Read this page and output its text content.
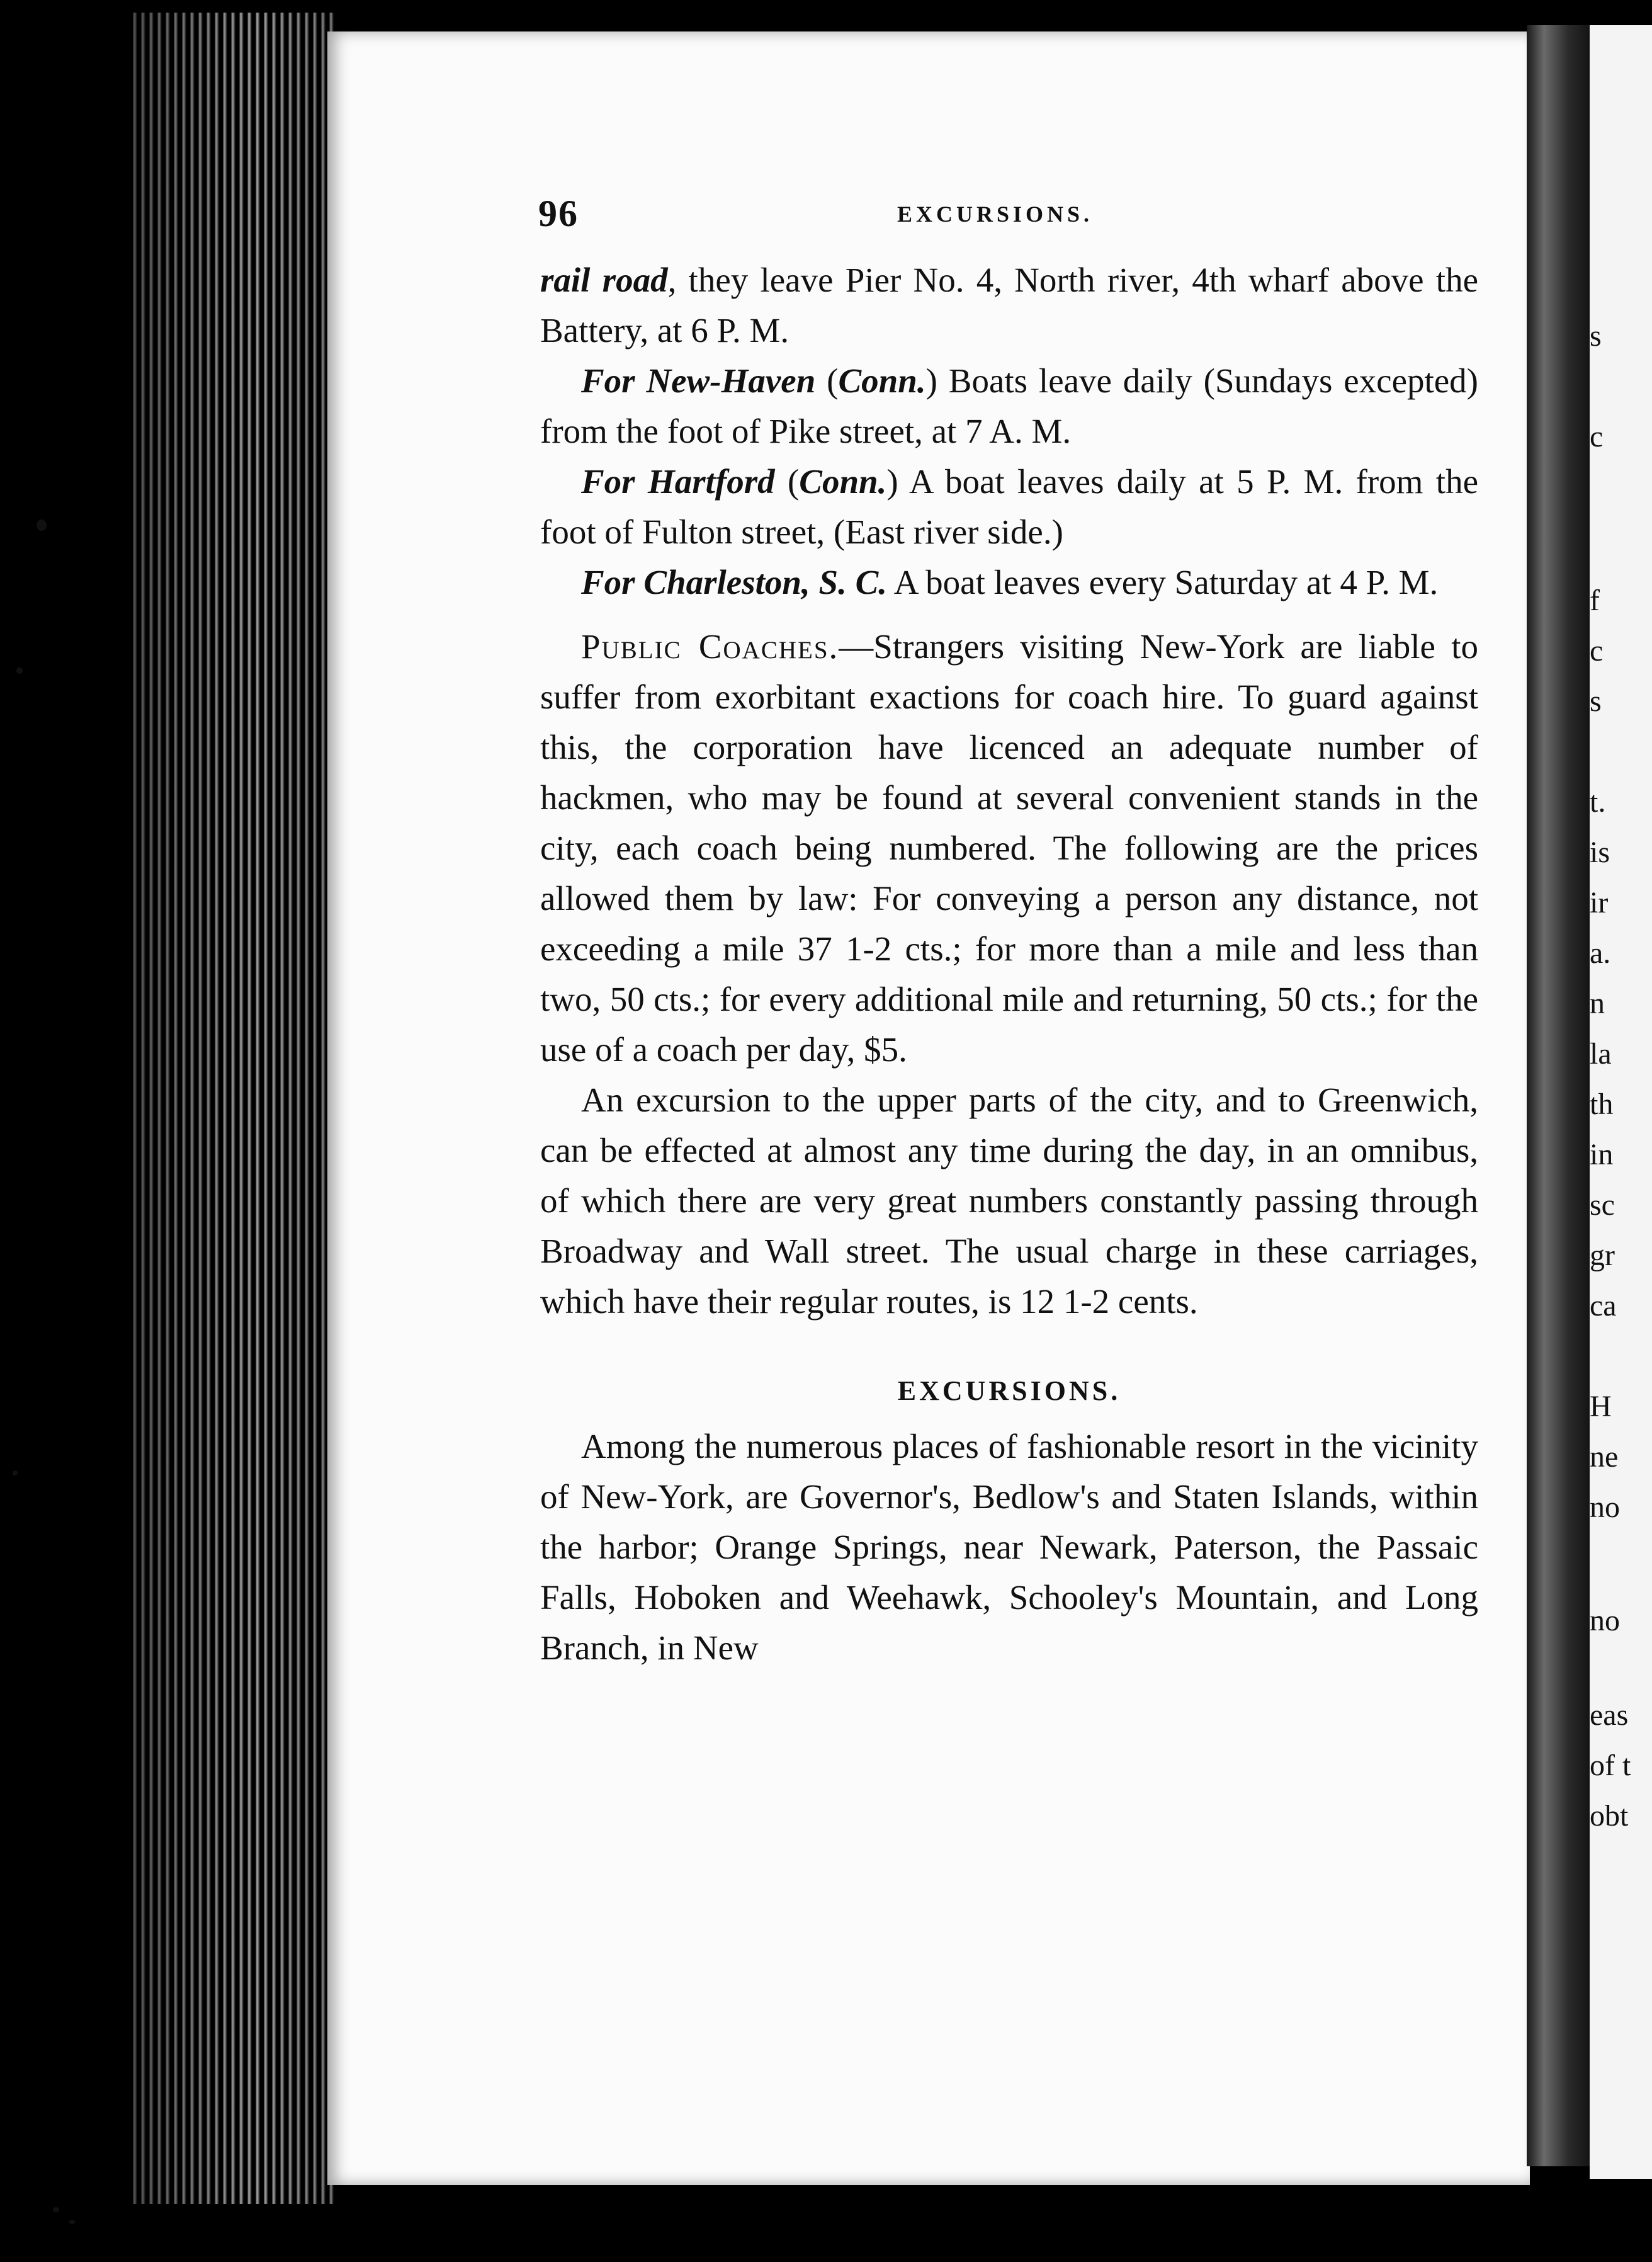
s
c
f
c
s
t.
is
ir
a.
n
la
th
in
sc
gr
ca
H
ne
no
no
eas
of t
obt
96	EXCURSIONS.

rail road, they leave Pier No. 4, North river, 4th wharf above the Battery, at 6 P. M.

For New-Haven (Conn.) Boats leave daily (Sundays excepted) from the foot of Pike street, at 7 A. M.

For Hartford (Conn.) A boat leaves daily at 5 P. M. from the foot of Fulton street, (East river side.)

For Charleston, S. C. A boat leaves every Saturday at 4 P. M.

Public Coaches.—Strangers visiting New-York are liable to suffer from exorbitant exactions for coach hire. To guard against this, the corporation have licenced an adequate number of hackmen, who may be found at several convenient stands in the city, each coach being numbered. The following are the prices allowed them by law: For conveying a person any distance, not exceeding a mile 37 1-2 cts.; for more than a mile and less than two, 50 cts.; for every additional mile and returning, 50 cts.; for the use of a coach per day, $5.

An excursion to the upper parts of the city, and to Greenwich, can be effected at almost any time during the day, in an omnibus, of which there are very great numbers constantly passing through Broadway and Wall street. The usual charge in these carriages, which have their regular routes, is 12 1-2 cents.

EXCURSIONS.

Among the numerous places of fashionable resort in the vicinity of New-York, are Governor's, Bedlow's and Staten Islands, within the harbor; Orange Springs, near Newark, Paterson, the Passaic Falls, Hoboken and Weehawk, Schooley's Mountain, and Long Branch, in New
